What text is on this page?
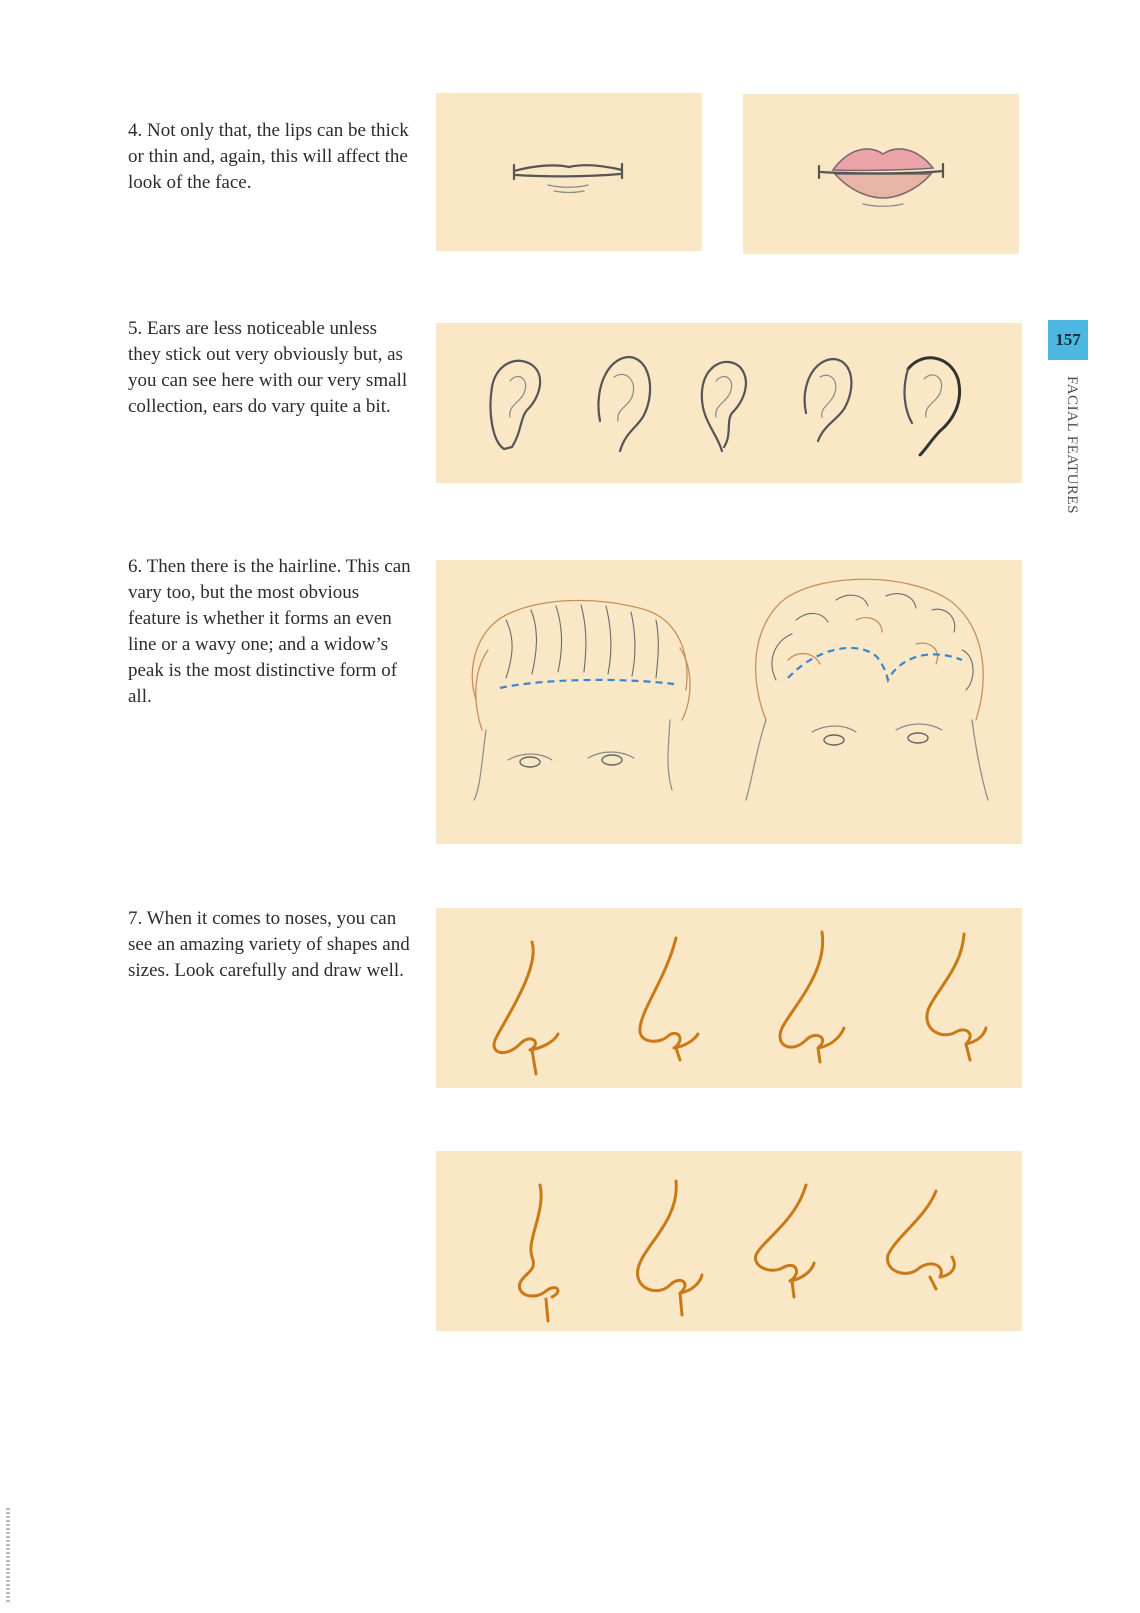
4. Not only that, the lips can be thick or thin and, again, this will affect the look of the face.

5. Ears are less noticeable unless they stick out very obviously but, as you can see here with our very small collection, ears do vary quite a bit.

6. Then there is the hairline. This can vary too, but the most obvious feature is whether it forms an even line or a wavy one; and a widow’s peak is the most distinctive form of all.

7. When it comes to noses, you can see an amazing variety of shapes and sizes. Look carefully and draw well.

157
FACIAL FEATURES
